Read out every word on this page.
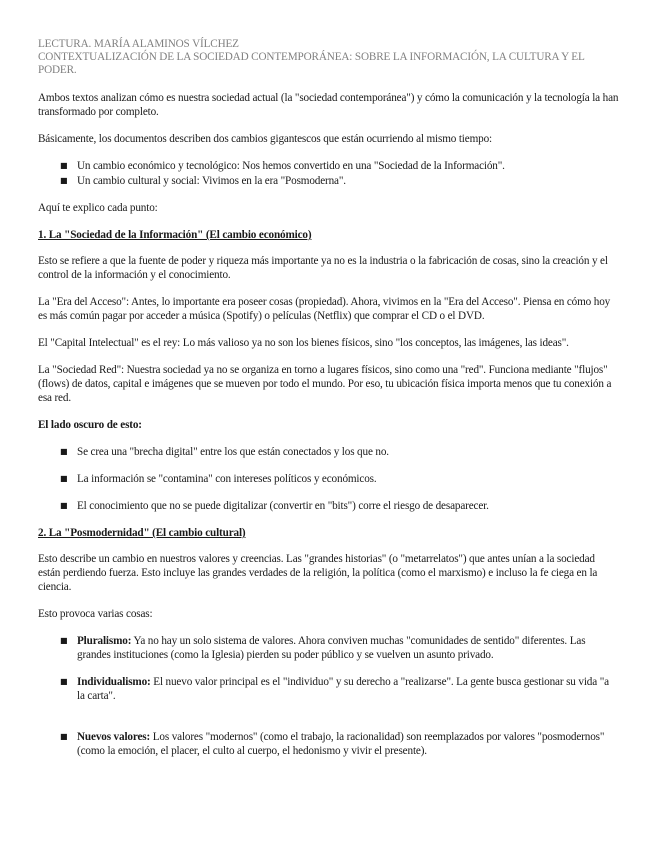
LECTURA. MARÍA ALAMINOS VÍLCHEZ
CONTEXTUALIZACIÓN DE LA SOCIEDAD CONTEMPORÁNEA: SOBRE LA INFORMACIÓN, LA CULTURA Y EL PODER.

Ambos textos analizan cómo es nuestra sociedad actual (la "sociedad contemporánea") y cómo la comunicación y la tecnología la han transformado por completo.

Básicamente, los documentos describen dos cambios gigantescos que están ocurriendo al mismo tiempo:

■ Un cambio económico y tecnológico: Nos hemos convertido en una "Sociedad de la Información".
■ Un cambio cultural y social: Vivimos en la era "Posmoderna".

Aquí te explico cada punto:

1. La "Sociedad de la Información" (El cambio económico)

Esto se refiere a que la fuente de poder y riqueza más importante ya no es la industria o la fabricación de cosas, sino la creación y el control de la información y el conocimiento.

La "Era del Acceso": Antes, lo importante era poseer cosas (propiedad). Ahora, vivimos en la "Era del Acceso". Piensa en cómo hoy es más común pagar por acceder a música (Spotify) o películas (Netflix) que comprar el CD o el DVD.

El "Capital Intelectual" es el rey: Lo más valioso ya no son los bienes físicos, sino "los conceptos, las imágenes, las ideas".

La "Sociedad Red": Nuestra sociedad ya no se organiza en torno a lugares físicos, sino como una "red". Funciona mediante "flujos" (flows) de datos, capital e imágenes que se mueven por todo el mundo. Por eso, tu ubicación física importa menos que tu conexión a esa red.

El lado oscuro de esto:

■ Se crea una "brecha digital" entre los que están conectados y los que no.
■ La información se "contamina" con intereses políticos y económicos.
■ El conocimiento que no se puede digitalizar (convertir en "bits") corre el riesgo de desaparecer.
2. La "Posmodernidad" (El cambio cultural)

Esto describe un cambio en nuestros valores y creencias. Las "grandes historias" (o "metarrelatos") que antes unían a la sociedad están perdiendo fuerza. Esto incluye las grandes verdades de la religión, la política (como el marxismo) e incluso la fe ciega en la ciencia.

Esto provoca varias cosas:

■ Pluralismo: Ya no hay un solo sistema de valores. Ahora conviven muchas "comunidades de sentido" diferentes. Las grandes instituciones (como la Iglesia) pierden su poder público y se vuelven un asunto privado.
■ Individualismo: El nuevo valor principal es el "individuo" y su derecho a "realizarse". La gente busca gestionar su vida "a la carta".
■ Nuevos valores: Los valores "modernos" (como el trabajo, la racionalidad) son reemplazados por valores "posmodernos" (como la emoción, el placer, el culto al cuerpo, el hedonismo y vivir el presente).
